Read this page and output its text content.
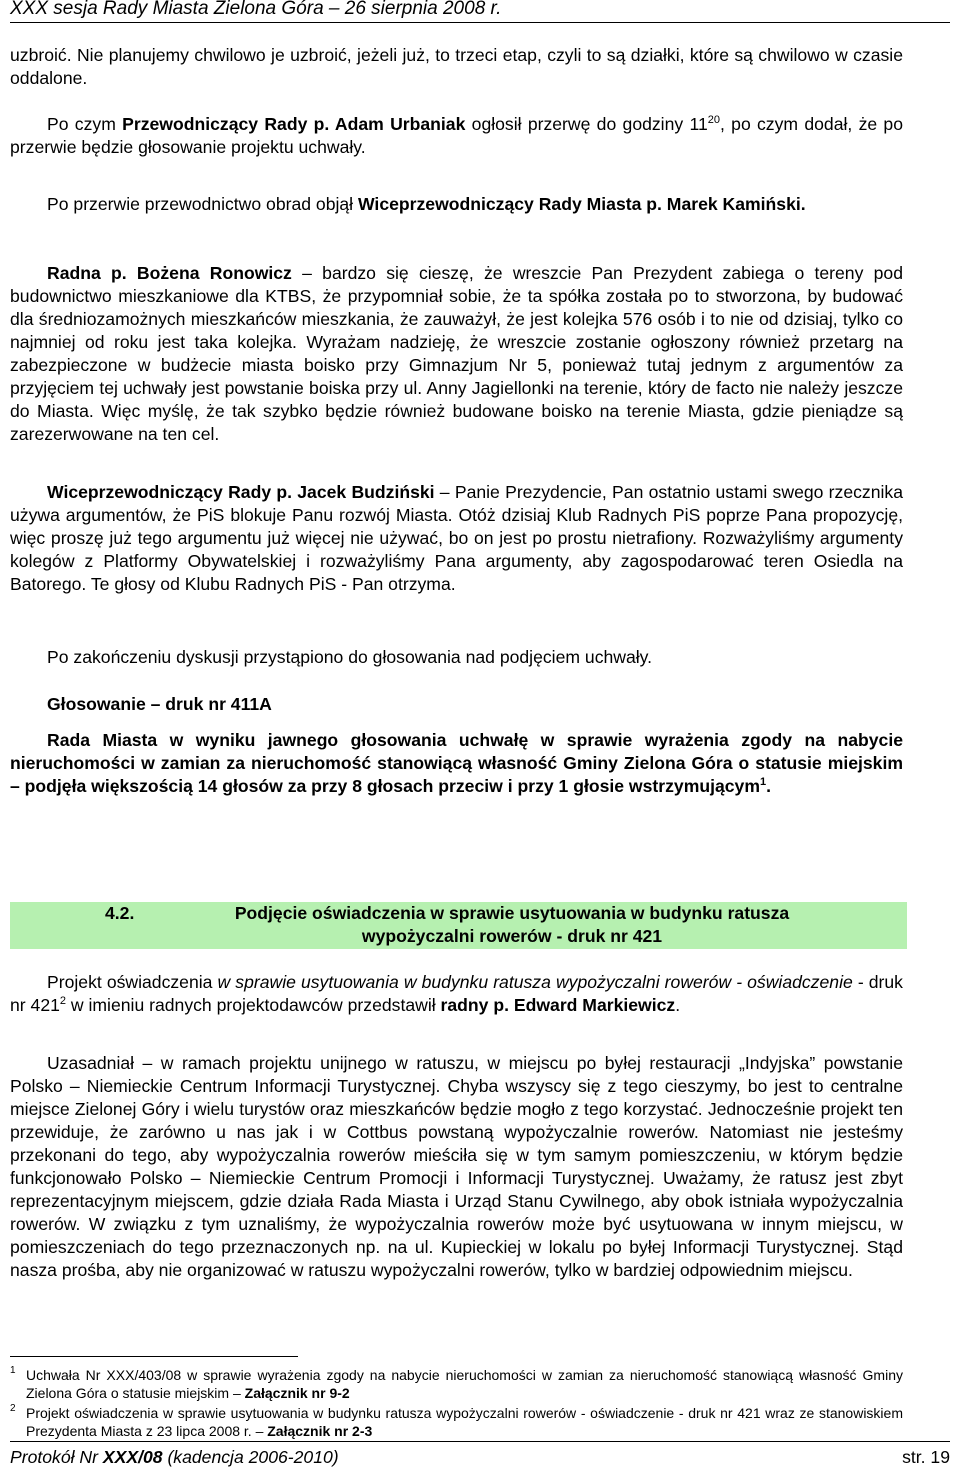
XXX sesja Rady Miasta Zielona Góra – 26 sierpnia 2008 r.

uzbroić. Nie planujemy chwilowo je uzbroić, jeżeli już, to trzeci etap, czyli to są działki, które są chwilowo w czasie oddalone.

Po czym Przewodniczący Rady p. Adam Urbaniak ogłosił przerwę do godziny $11^{20}$, po czym dodał, że po przerwie będzie głosowanie projektu uchwały.

Po przerwie przewodnictwo obrad objął Wiceprzewodniczący Rady Miasta p. Marek Kamiński.

Radna p. Bożena Ronowicz – bardzo się cieszę, że wreszcie Pan Prezydent zabiega o tereny pod budownictwo mieszkaniowe dla KTBS, że przypomniał sobie, że ta spółka została po to stworzona, by budować dla średniozamożnych mieszkańców mieszkania, że zauważył, że jest kolejka 576 osób i to nie od dzisiaj, tylko co najmniej od roku jest taka kolejka. Wyrażam nadzieję, że wreszcie zostanie ogłoszony również przetarg na zabezpieczone w budżecie miasta boisko przy Gimnazjum Nr 5, ponieważ tutaj jednym z argumentów za przyjęciem tej uchwały jest powstanie boiska przy ul. Anny Jagiellonki na terenie, który de facto nie należy jeszcze do Miasta. Więc myślę, że tak szybko będzie również budowane boisko na terenie Miasta, gdzie pieniądze są zarezerwowane na ten cel.

Wiceprzewodniczący Rady p. Jacek Budziński – Panie Prezydencie, Pan ostatnio ustami swego rzecznika używa argumentów, że PiS blokuje Panu rozwój Miasta. Otóż dzisiaj Klub Radnych PiS poprze Pana propozycję, więc proszę już tego argumentu już więcej nie używać, bo on jest po prostu nietrafiony. Rozważyliśmy argumenty kolegów z Platformy Obywatelskiej i rozważyliśmy Pana argumenty, aby zagospodarować teren Osiedla na Batorego. Te głosy od Klubu Radnych PiS - Pan otrzyma.

Po zakończeniu dyskusji przystąpiono do głosowania nad podjęciem uchwały.

Głosowanie – druk nr 411A

Rada Miasta w wyniku jawnego głosowania uchwałę w sprawie wyrażenia zgody na nabycie nieruchomości w zamian za nieruchomość stanowiącą własność Gminy Zielona Góra o statusie miejskim – podjęła większością 14 głosów za przy 8 głosach przeciw i przy 1 głosie wstrzymującym$^1$.

4.2.	Podjęcie oświadczenia w sprawie usytuowania w budynku ratusza
wypożyczalni rowerów - druk nr 421

Projekt oświadczenia w sprawie usytuowania w budynku ratusza wypożyczalni rowerów - oświadczenie - druk nr $421^2$ w imieniu radnych projektodawców przedstawił radny p. Edward Markiewicz.

Uzasadniał – w ramach projektu unijnego w ratuszu, w miejscu po byłej restauracji „Indyjska” powstanie Polsko – Niemieckie Centrum Informacji Turystycznej. Chyba wszyscy się z tego cieszymy, bo jest to centralne miejsce Zielonej Góry i wielu turystów oraz mieszkańców będzie mogło z tego korzystać. Jednocześnie projekt ten przewiduje, że zarówno u nas jak i w Cottbus powstaną wypożyczalnie rowerów. Natomiast nie jesteśmy przekonani do tego, aby wypożyczalnia rowerów mieściła się w tym samym pomieszczeniu, w którym będzie funkcjonowało Polsko – Niemieckie Centrum Promocji i Informacji Turystycznej. Uważamy, że ratusz jest zbyt reprezentacyjnym miejscem, gdzie działa Rada Miasta i Urząd Stanu Cywilnego, aby obok istniała wypożyczalnia rowerów. W związku z tym uznaliśmy, że wypożyczalnia rowerów może być usytuowana w innym miejscu, w pomieszczeniach do tego przeznaczonych np. na ul. Kupieckiej w lokalu po byłej Informacji Turystycznej. Stąd nasza prośba, aby nie organizować w ratuszu wypożyczalni rowerów, tylko w bardziej odpowiednim miejscu.

1 Uchwała Nr XXX/403/08 w sprawie wyrażenia zgody na nabycie nieruchomości w zamian za nieruchomość stanowiącą własność Gminy Zielona Góra o statusie miejskim – Załącznik nr 9-2
2 Projekt oświadczenia w sprawie usytuowania w budynku ratusza wypożyczalni rowerów - oświadczenie - druk nr 421 wraz ze stanowiskiem Prezydenta Miasta z 23 lipca 2008 r. – Załącznik nr 2-3
Protokół Nr XXX/08 (kadencja 2006-2010)	str. 19
